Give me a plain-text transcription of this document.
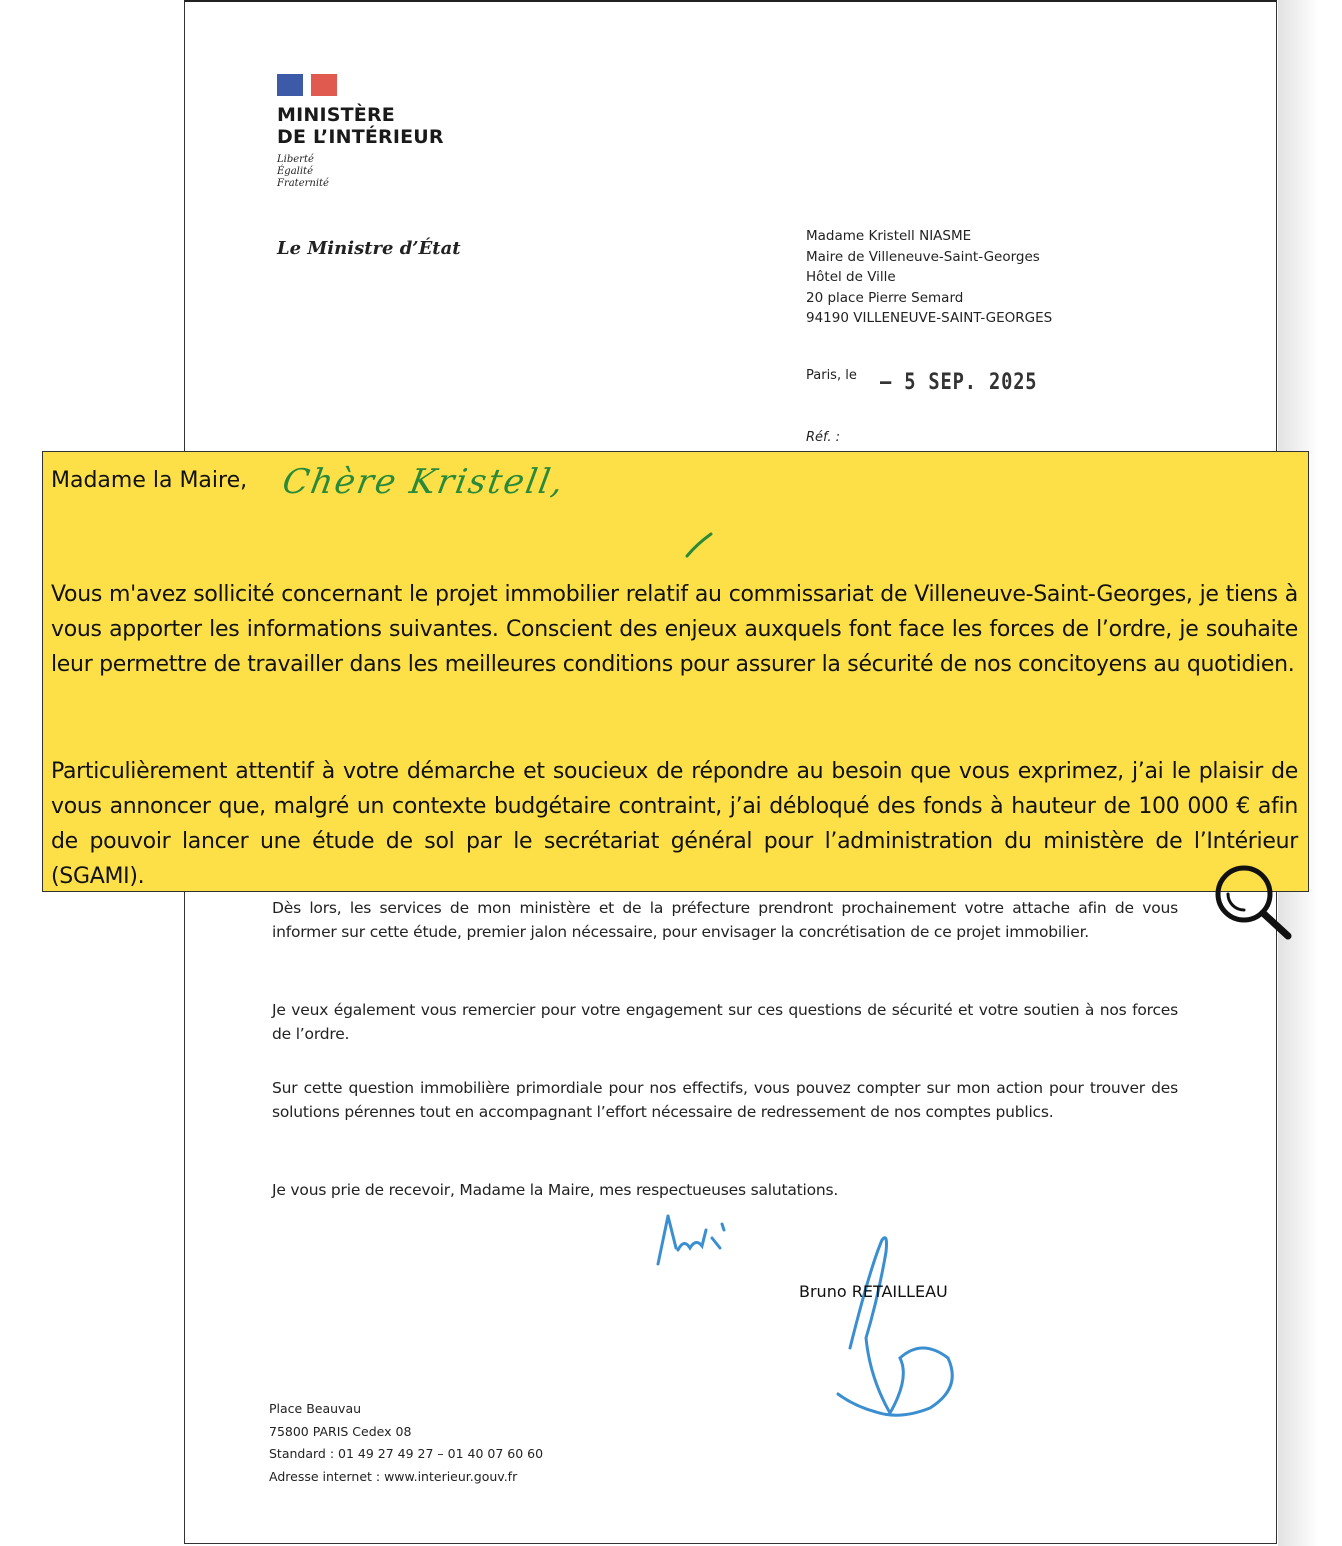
MINISTÈRE
DE L’INTÉRIEUR
Liberté
Égalité
Fraternité
Le Ministre d’État
Madame Kristell NIASME
Maire de Villeneuve-Saint-Georges
Hôtel de Ville
20 place Pierre Semard
94190 VILLENEUVE-SAINT-GEORGES
Paris, le – 5 SEP. 2025
Réf. :
Madame la Maire, Chère Kristell,
Vous m'avez sollicité concernant le projet immobilier relatif au commissariat de Villeneuve-Saint-Georges, je tiens à vous apporter les informations suivantes. Conscient des enjeux auxquels font face les forces de l’ordre, je souhaite leur permettre de travailler dans les meilleures conditions pour assurer la sécurité de nos concitoyens au quotidien.
Particulièrement attentif à votre démarche et soucieux de répondre au besoin que vous exprimez, j’ai le plaisir de vous annoncer que, malgré un contexte budgétaire contraint, j’ai débloqué des fonds à hauteur de 100 000 € afin de pouvoir lancer une étude de sol par le secrétariat général pour l’administration du ministère de l’Intérieur (SGAMI).
Dès lors, les services de mon ministère et de la préfecture prendront prochainement votre attache afin de vous informer sur cette étude, premier jalon nécessaire, pour envisager la concrétisation de ce projet immobilier.
Je veux également vous remercier pour votre engagement sur ces questions de sécurité et votre soutien à nos forces de l’ordre.
Sur cette question immobilière primordiale pour nos effectifs, vous pouvez compter sur mon action pour trouver des solutions pérennes tout en accompagnant l’effort nécessaire de redressement de nos comptes publics.
Je vous prie de recevoir, Madame la Maire, mes respectueuses salutations.
Bruno RETAILLEAU
Place Beauvau
75800 PARIS Cedex 08
Standard : 01 49 27 49 27 – 01 40 07 60 60
Adresse internet : www.interieur.gouv.fr
